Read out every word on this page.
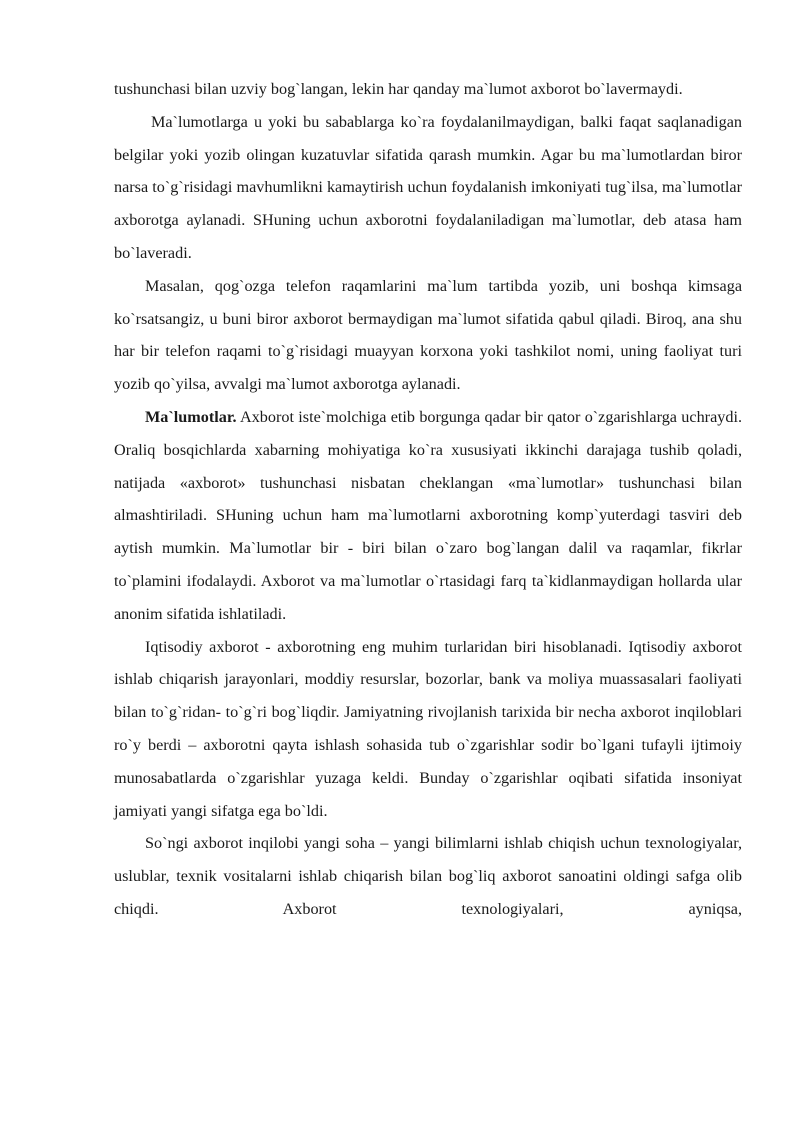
tushunchasi bilan uzviy bog`langan, lekin har qanday ma`lumot axborot bo`lavermaydi.

Ma`lumotlarga u yoki bu sabablarga ko`ra foydalanilmaydigan, balki faqat saqlanadigan belgilar yoki yozib olingan kuzatuvlar sifatida qarash mumkin. Agar bu ma`lumotlardan biror narsa to`g`risidagi mavhumlikni kamaytirish uchun foydalanish imkoniyati tug`ilsa, ma`lumotlar axborotga aylanadi. SHuning uchun axborotni foydalaniladigan ma`lumotlar, deb atasa ham bo`laveradi.

Masalan, qog`ozga telefon raqamlarini ma`lum tartibda yozib, uni boshqa kimsaga ko`rsatsangiz, u buni biror axborot bermaydigan ma`lumot sifatida qabul qiladi. Biroq, ana shu har bir telefon raqami to`g`risidagi muayyan korxona yoki tashkilot nomi, uning faoliyat turi yozib qo`yilsa, avvalgi ma`lumot axborotga aylanadi.

Ma`lumotlar. Axborot iste`molchiga etib borgunga qadar bir qator o`zgarishlarga uchraydi. Oraliq bosqichlarda xabarning mohiyatiga ko`ra xususiyati ikkinchi darajaga tushib qoladi, natijada «axborot» tushunchasi nisbatan cheklangan «ma`lumotlar» tushunchasi bilan almashtiriladi. SHuning uchun ham ma`lumotlarni axborotning komp`yuterdagi tasviri deb aytish mumkin. Ma`lumotlar bir - biri bilan o`zaro bog`langan dalil va raqamlar, fikrlar to`plamini ifodalaydi. Axborot va ma`lumotlar o`rtasidagi farq ta`kidlanmaydigan hollarda ular anonim sifatida ishlatiladi.

Iqtisodiy axborot - axborotning eng muhim turlaridan biri hisoblanadi. Iqtisodiy axborot ishlab chiqarish jarayonlari, moddiy resurslar, bozorlar, bank va moliya muassasalari faoliyati bilan to`g`ridan- to`g`ri bog`liqdir. Jamiyatning rivojlanish tarixida bir necha axborot inqiloblari ro`y berdi – axborotni qayta ishlash sohasida tub o`zgarishlar sodir bo`lgani tufayli ijtimoiy munosabatlarda o`zgarishlar yuzaga keldi. Bunday o`zgarishlar oqibati sifatida insoniyat jamiyati yangi sifatga ega bo`ldi.

So`ngi axborot inqilobi yangi soha – yangi bilimlarni ishlab chiqish uchun texnologiyalar, uslublar, texnik vositalarni ishlab chiqarish bilan bog`liq axborot sanoatini oldingi safga olib chiqdi. Axborot texnologiyalari, ayniqsa,
